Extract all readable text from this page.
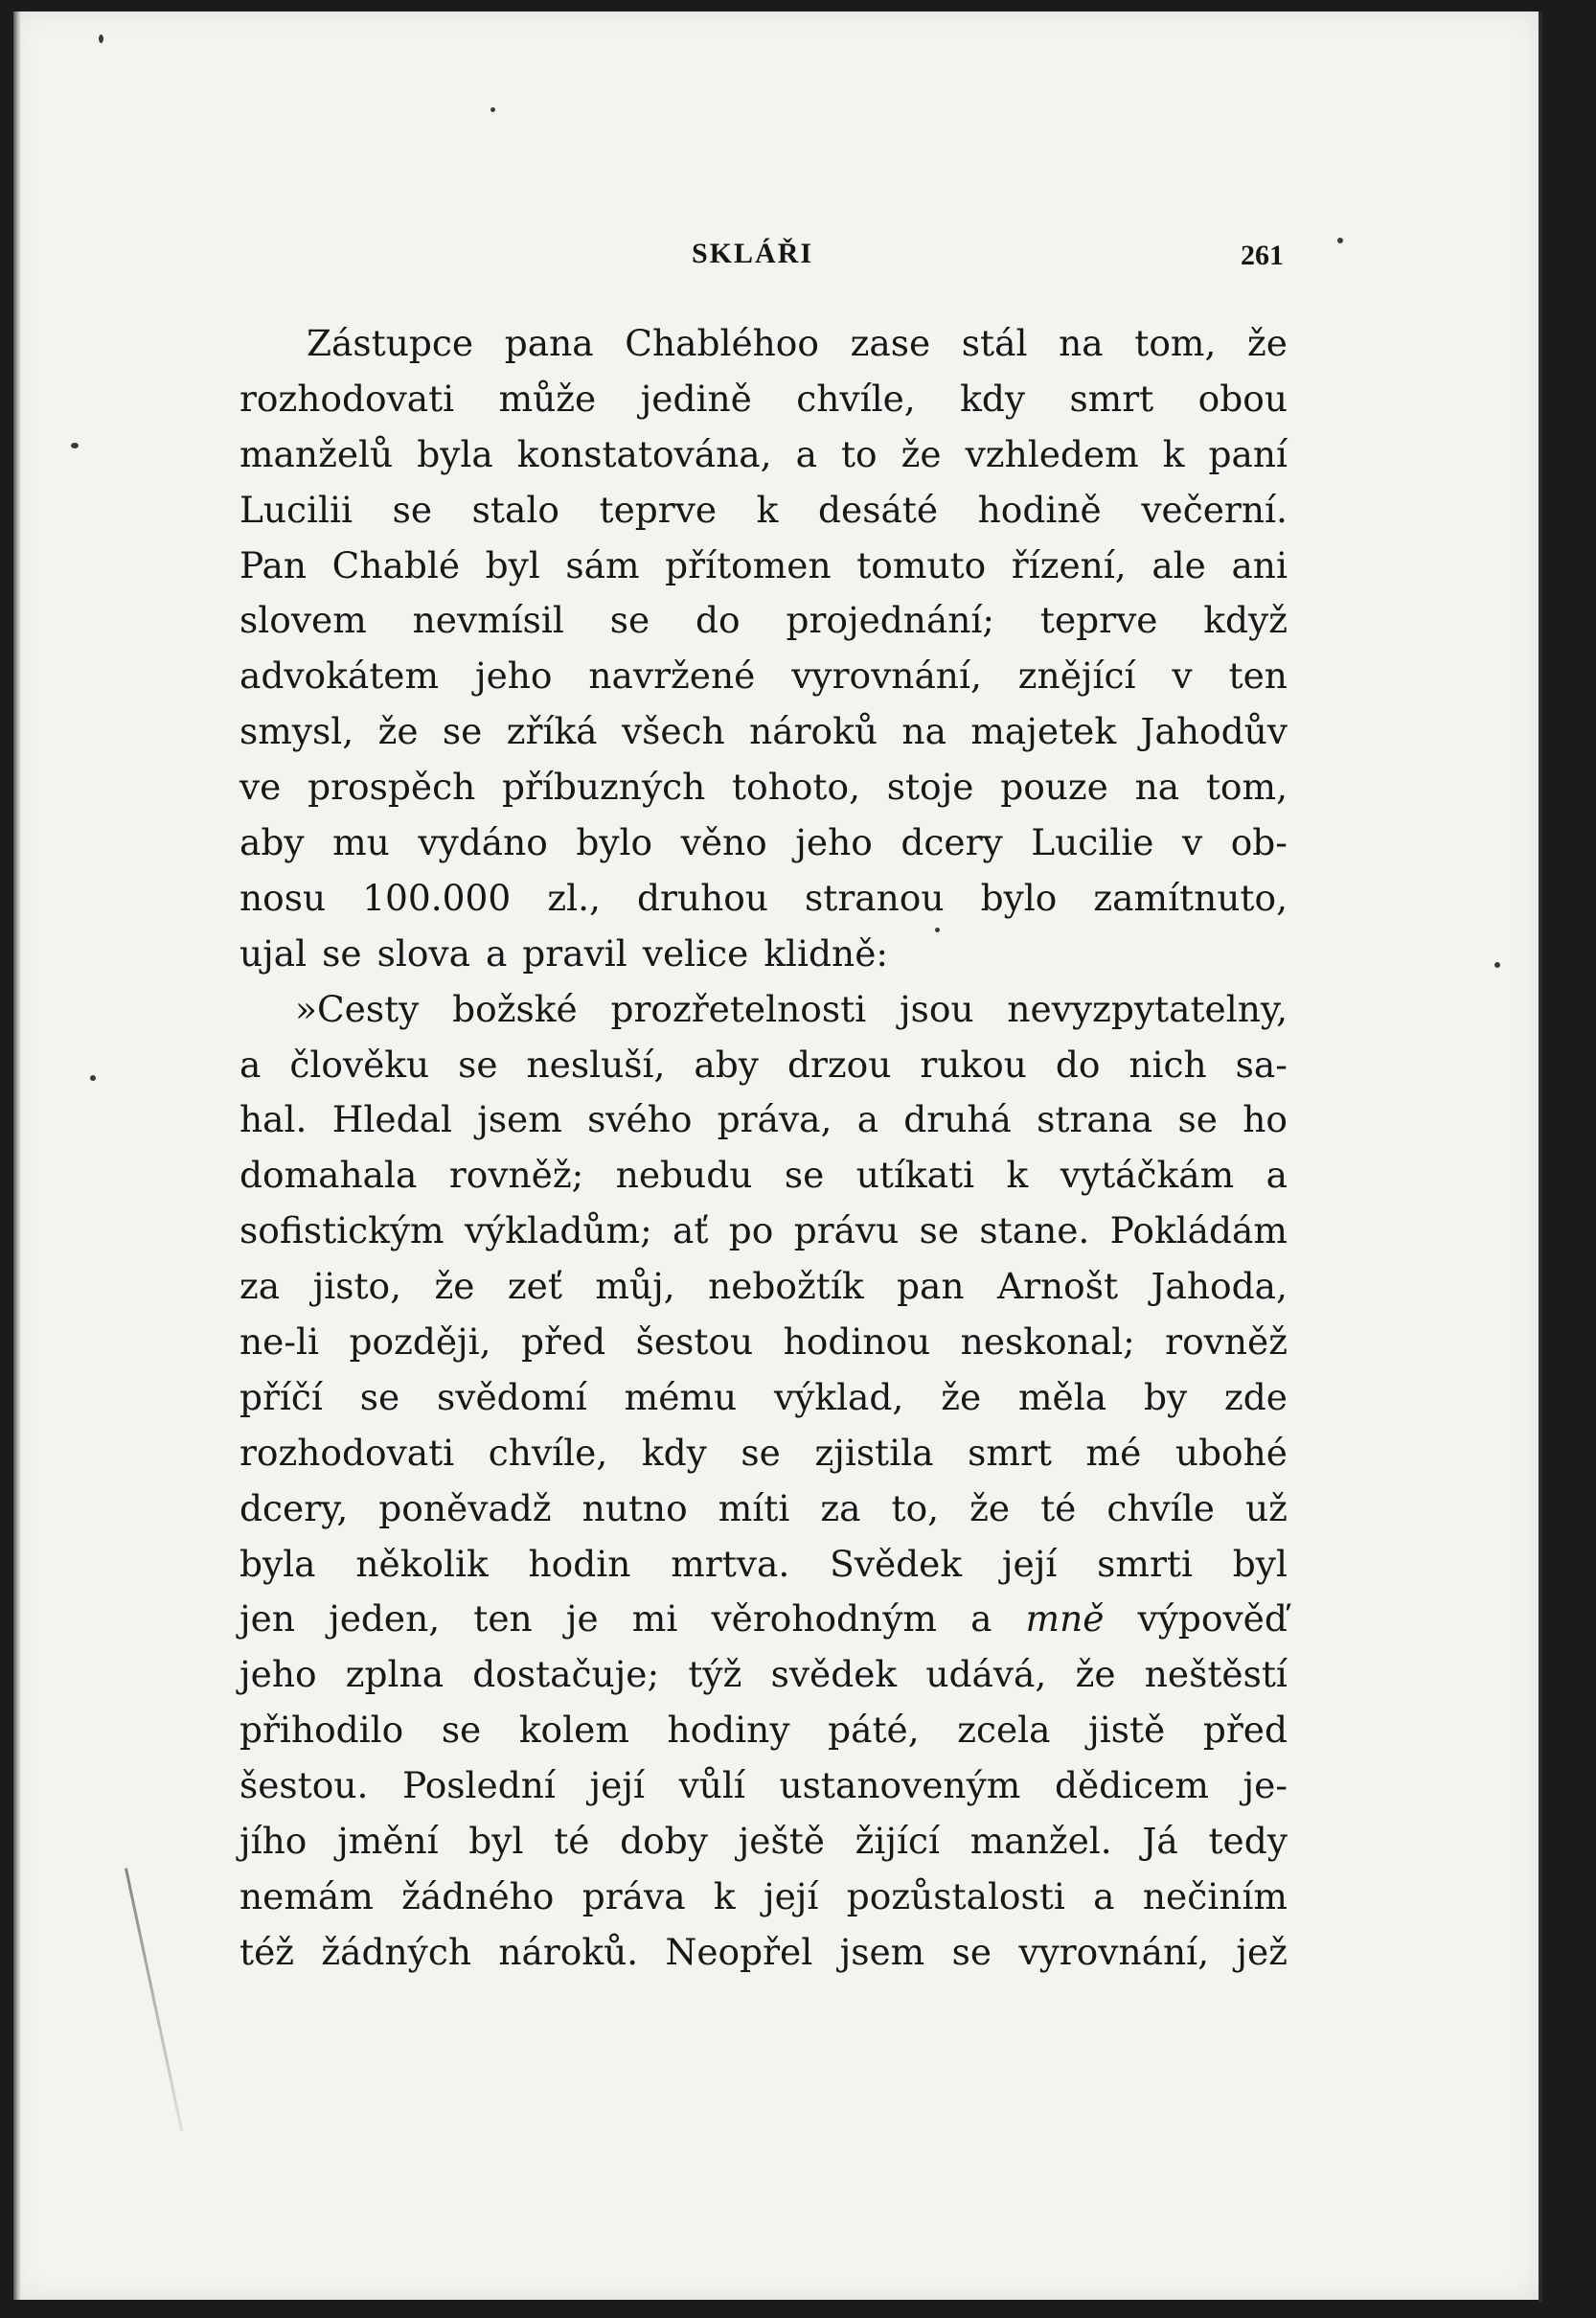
SKLÁŘI	261
Zástupce pana Chabléhoo zase stál na tom, že
rozhodovati může jedině chvíle, kdy smrt obou
manželů byla konstatována, a to že vzhledem k paní
Lucilii se stalo teprve k desáté hodině večerní.
Pan Chablé byl sám přítomen tomuto řízení, ale ani
slovem nevmísil se do projednání; teprve když
advokátem jeho navržené vyrovnání, znějící v ten
smysl, že se zříká všech nároků na majetek Jahodův
ve prospěch příbuzných tohoto, stoje pouze na tom,
aby mu vydáno bylo věno jeho dcery Lucilie v ob-
nosu 100.000 zl., druhou stranou bylo zamítnuto,
ujal se slova a pravil velice klidně:
»Cesty božské prozřetelnosti jsou nevyzpytatelny,
a člověku se nesluší, aby drzou rukou do nich sa-
hal. Hledal jsem svého práva, a druhá strana se ho
domahala rovněž; nebudu se utíkati k vytáčkám a
sofistickým výkladům; ať po právu se stane. Pokládám
za jisto, že zeť můj, nebožtík pan Arnošt Jahoda,
ne-li později, před šestou hodinou neskonal; rovněž
příčí se svědomí mému výklad, že měla by zde
rozhodovati chvíle, kdy se zjistila smrt mé ubohé
dcery, poněvadž nutno míti za to, že té chvíle už
byla několik hodin mrtva. Svědek její smrti byl
jen jeden, ten je mi věrohodným a mně výpověď
jeho zplna dostačuje; týž svědek udává, že neštěstí
přihodilo se kolem hodiny páté, zcela jistě před
šestou. Poslední její vůlí ustanoveným dědicem je-
jího jmění byl té doby ještě žijící manžel. Já tedy
nemám žádného práva k její pozůstalosti a nečiním
též žádných nároků. Neopřel jsem se vyrovnání, jež
